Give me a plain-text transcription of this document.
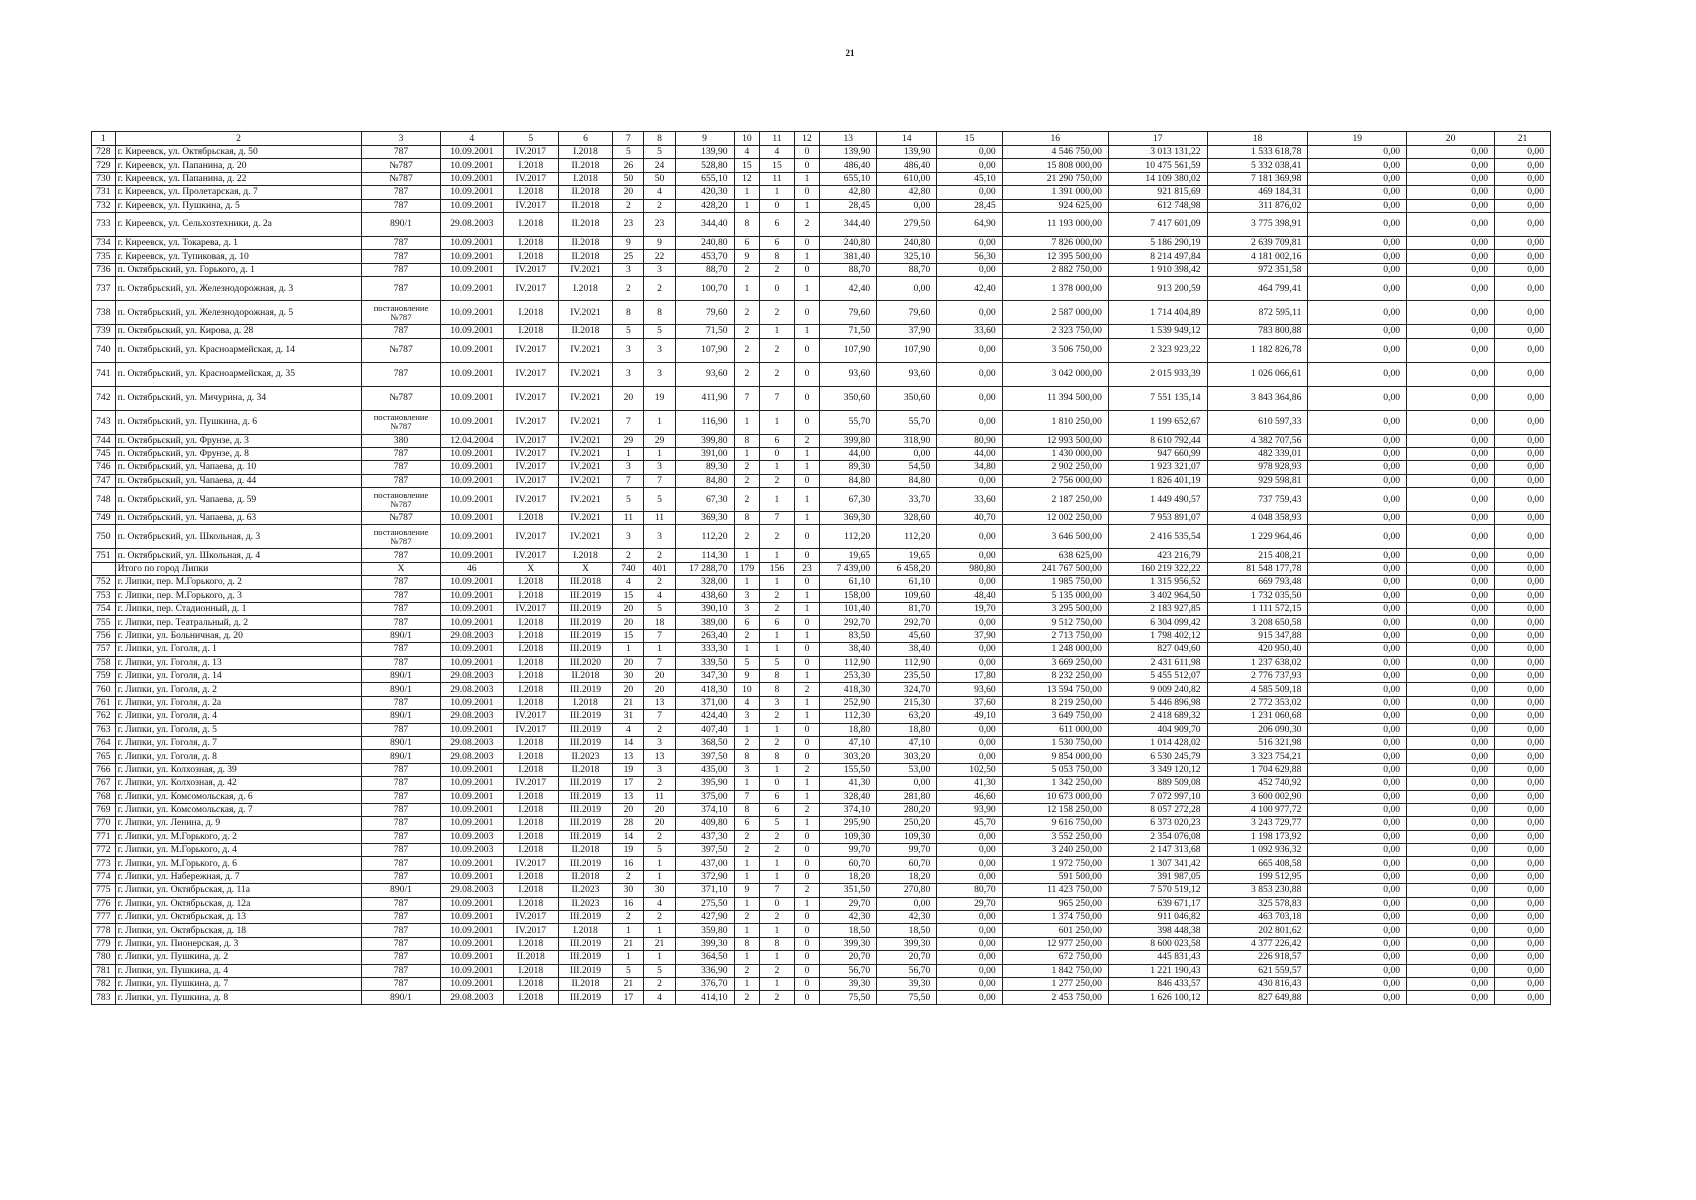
21
1	2	3	4	5	6	7	8	9	10	11	12	13	14	15	16	17	18	19	20	21
728	г. Киреевск, ул. Октябрьская, д. 50	787	10.09.2001	IV.2017	I.2018	5	5	139,90	4	4	0	139,90	139,90	0,00	4 546 750,00	3 013 131,22	1 533 618,78	0,00	0,00	0,00
729	г. Киреевск, ул. Папанина, д. 20	№787	10.09.2001	I.2018	II.2018	26	24	528,80	15	15	0	486,40	486,40	0,00	15 808 000,00	10 475 561,59	5 332 038,41	0,00	0,00	0,00
730	г. Киреевск, ул. Папанина, д. 22	№787	10.09.2001	IV.2017	I.2018	50	50	655,10	12	11	1	655,10	610,00	45,10	21 290 750,00	14 109 380,02	7 181 369,98	0,00	0,00	0,00
731	г. Киреевск, ул. Пролетарская, д. 7	787	10.09.2001	I.2018	II.2018	20	4	420,30	1	1	0	42,80	42,80	0,00	1 391 000,00	921 815,69	469 184,31	0,00	0,00	0,00
732	г. Киреевск, ул. Пушкина, д. 5	787	10.09.2001	IV.2017	II.2018	2	2	428,20	1	0	1	28,45	0,00	28,45	924 625,00	612 748,98	311 876,02	0,00	0,00	0,00
733	г. Киреевск, ул. Сельхозтехники, д. 2а	890/1	29.08.2003	I.2018	II.2018	23	23	344,40	8	6	2	344,40	279,50	64,90	11 193 000,00	7 417 601,09	3 775 398,91	0,00	0,00	0,00
734	г. Киреевск, ул. Токарева, д. 1	787	10.09.2001	I.2018	II.2018	9	9	240,80	6	6	0	240,80	240,80	0,00	7 826 000,00	5 186 290,19	2 639 709,81	0,00	0,00	0,00
735	г. Киреевск, ул. Тупиковая, д. 10	787	10.09.2001	I.2018	II.2018	25	22	453,70	9	8	1	381,40	325,10	56,30	12 395 500,00	8 214 497,84	4 181 002,16	0,00	0,00	0,00
736	п. Октябрьский, ул. Горького, д. 1	787	10.09.2001	IV.2017	IV.2021	3	3	88,70	2	2	0	88,70	88,70	0,00	2 882 750,00	1 910 398,42	972 351,58	0,00	0,00	0,00
737	п. Октябрьский, ул. Железнодорожная, д. 3	787	10.09.2001	IV.2017	I.2018	2	2	100,70	1	0	1	42,40	0,00	42,40	1 378 000,00	913 200,59	464 799,41	0,00	0,00	0,00
738	п. Октябрьский, ул. Железнодорожная, д. 5	постановление №787	10.09.2001	I.2018	IV.2021	8	8	79,60	2	2	0	79,60	79,60	0,00	2 587 000,00	1 714 404,89	872 595,11	0,00	0,00	0,00
739	п. Октябрьский, ул. Кирова, д. 28	787	10.09.2001	I.2018	II.2018	5	5	71,50	2	1	1	71,50	37,90	33,60	2 323 750,00	1 539 949,12	783 800,88	0,00	0,00	0,00
740	п. Октябрьский, ул. Красноармейская, д. 14	№787	10.09.2001	IV.2017	IV.2021	3	3	107,90	2	2	0	107,90	107,90	0,00	3 506 750,00	2 323 923,22	1 182 826,78	0,00	0,00	0,00
741	п. Октябрьский, ул. Красноармейская, д. 35	787	10.09.2001	IV.2017	IV.2021	3	3	93,60	2	2	0	93,60	93,60	0,00	3 042 000,00	2 015 933,39	1 026 066,61	0,00	0,00	0,00
742	п. Октябрьский, ул. Мичурина, д. 34	№787	10.09.2001	IV.2017	IV.2021	20	19	411,90	7	7	0	350,60	350,60	0,00	11 394 500,00	7 551 135,14	3 843 364,86	0,00	0,00	0,00
743	п. Октябрьский, ул. Пушкина, д. 6	постановление №787	10.09.2001	IV.2017	IV.2021	7	1	116,90	1	1	0	55,70	55,70	0,00	1 810 250,00	1 199 652,67	610 597,33	0,00	0,00	0,00
744	п. Октябрьский, ул. Фрунзе, д. 3	380	12.04.2004	IV.2017	IV.2021	29	29	399,80	8	6	2	399,80	318,90	80,90	12 993 500,00	8 610 792,44	4 382 707,56	0,00	0,00	0,00
745	п. Октябрьский, ул. Фрунзе, д. 8	787	10.09.2001	IV.2017	IV.2021	1	1	391,00	1	0	1	44,00	0,00	44,00	1 430 000,00	947 660,99	482 339,01	0,00	0,00	0,00
746	п. Октябрьский, ул. Чапаева, д. 10	787	10.09.2001	IV.2017	IV.2021	3	3	89,30	2	1	1	89,30	54,50	34,80	2 902 250,00	1 923 321,07	978 928,93	0,00	0,00	0,00
747	п. Октябрьский, ул. Чапаева, д. 44	787	10.09.2001	IV.2017	IV.2021	7	7	84,80	2	2	0	84,80	84,80	0,00	2 756 000,00	1 826 401,19	929 598,81	0,00	0,00	0,00
748	п. Октябрьский, ул. Чапаева, д. 59	постановление №787	10.09.2001	IV.2017	IV.2021	5	5	67,30	2	1	1	67,30	33,70	33,60	2 187 250,00	1 449 490,57	737 759,43	0,00	0,00	0,00
749	п. Октябрьский, ул. Чапаева, д. 63	№787	10.09.2001	I.2018	IV.2021	11	11	369,30	8	7	1	369,30	328,60	40,70	12 002 250,00	7 953 891,07	4 048 358,93	0,00	0,00	0,00
750	п. Октябрьский, ул. Школьная, д. 3	постановление №787	10.09.2001	IV.2017	IV.2021	3	3	112,20	2	2	0	112,20	112,20	0,00	3 646 500,00	2 416 535,54	1 229 964,46	0,00	0,00	0,00
751	п. Октябрьский, ул. Школьная, д. 4	787	10.09.2001	IV.2017	I.2018	2	2	114,30	1	1	0	19,65	19,65	0,00	638 625,00	423 216,79	215 408,21	0,00	0,00	0,00
	Итого по город Липки	X	46	X	X	740	401	17 288,70	179	156	23	7 439,00	6 458,20	980,80	241 767 500,00	160 219 322,22	81 548 177,78	0,00	0,00	0,00
752	г. Липки, пер. М.Горького, д. 2	787	10.09.2001	I.2018	III.2018	4	2	328,00	1	1	0	61,10	61,10	0,00	1 985 750,00	1 315 956,52	669 793,48	0,00	0,00	0,00
753	г. Липки, пер. М.Горького, д. 3	787	10.09.2001	I.2018	III.2019	15	4	438,60	3	2	1	158,00	109,60	48,40	5 135 000,00	3 402 964,50	1 732 035,50	0,00	0,00	0,00
754	г. Липки, пер. Стадионный, д. 1	787	10.09.2001	IV.2017	III.2019	20	5	390,10	3	2	1	101,40	81,70	19,70	3 295 500,00	2 183 927,85	1 111 572,15	0,00	0,00	0,00
755	г. Липки, пер. Театральный, д. 2	787	10.09.2001	I.2018	III.2019	20	18	389,00	6	6	0	292,70	292,70	0,00	9 512 750,00	6 304 099,42	3 208 650,58	0,00	0,00	0,00
756	г. Липки, ул. Больничная, д. 20	890/1	29.08.2003	I.2018	III.2019	15	7	263,40	2	1	1	83,50	45,60	37,90	2 713 750,00	1 798 402,12	915 347,88	0,00	0,00	0,00
757	г. Липки, ул. Гоголя, д. 1	787	10.09.2001	I.2018	III.2019	1	1	333,30	1	1	0	38,40	38,40	0,00	1 248 000,00	827 049,60	420 950,40	0,00	0,00	0,00
758	г. Липки, ул. Гоголя, д. 13	787	10.09.2001	I.2018	III.2020	20	7	339,50	5	5	0	112,90	112,90	0,00	3 669 250,00	2 431 611,98	1 237 638,02	0,00	0,00	0,00
759	г. Липки, ул. Гоголя, д. 14	890/1	29.08.2003	I.2018	II.2018	30	20	347,30	9	8	1	253,30	235,50	17,80	8 232 250,00	5 455 512,07	2 776 737,93	0,00	0,00	0,00
760	г. Липки, ул. Гоголя, д. 2	890/1	29.08.2003	I.2018	III.2019	20	20	418,30	10	8	2	418,30	324,70	93,60	13 594 750,00	9 009 240,82	4 585 509,18	0,00	0,00	0,00
761	г. Липки, ул. Гоголя, д. 2а	787	10.09.2001	I.2018	I.2018	21	13	371,00	4	3	1	252,90	215,30	37,60	8 219 250,00	5 446 896,98	2 772 353,02	0,00	0,00	0,00
762	г. Липки, ул. Гоголя, д. 4	890/1	29.08.2003	IV.2017	III.2019	31	7	424,40	3	2	1	112,30	63,20	49,10	3 649 750,00	2 418 689,32	1 231 060,68	0,00	0,00	0,00
763	г. Липки, ул. Гоголя, д. 5	787	10.09.2001	IV.2017	III.2019	4	2	407,40	1	1	0	18,80	18,80	0,00	611 000,00	404 909,70	206 090,30	0,00	0,00	0,00
764	г. Липки, ул. Гоголя, д. 7	890/1	29.08.2003	I.2018	III.2019	14	3	368,50	2	2	0	47,10	47,10	0,00	1 530 750,00	1 014 428,02	516 321,98	0,00	0,00	0,00
765	г. Липки, ул. Гоголя, д. 8	890/1	29.08.2003	I.2018	II.2023	13	13	397,50	8	8	0	303,20	303,20	0,00	9 854 000,00	6 530 245,79	3 323 754,21	0,00	0,00	0,00
766	г. Липки, ул. Колхозная, д. 39	787	10.09.2001	I.2018	II.2018	19	3	435,00	3	1	2	155,50	53,00	102,50	5 053 750,00	3 349 120,12	1 704 629,88	0,00	0,00	0,00
767	г. Липки, ул. Колхозная, д. 42	787	10.09.2001	IV.2017	III.2019	17	2	395,90	1	0	1	41,30	0,00	41,30	1 342 250,00	889 509,08	452 740,92	0,00	0,00	0,00
768	г. Липки, ул. Комсомольская, д. 6	787	10.09.2001	I.2018	III.2019	13	11	375,00	7	6	1	328,40	281,80	46,60	10 673 000,00	7 072 997,10	3 600 002,90	0,00	0,00	0,00
769	г. Липки, ул. Комсомольская, д. 7	787	10.09.2001	I.2018	III.2019	20	20	374,10	8	6	2	374,10	280,20	93,90	12 158 250,00	8 057 272,28	4 100 977,72	0,00	0,00	0,00
770	г. Липки, ул. Ленина, д. 9	787	10.09.2001	I.2018	III.2019	28	20	409,80	6	5	1	295,90	250,20	45,70	9 616 750,00	6 373 020,23	3 243 729,77	0,00	0,00	0,00
771	г. Липки, ул. М.Горького, д. 2	787	10.09.2003	I.2018	III.2019	14	2	437,30	2	2	0	109,30	109,30	0,00	3 552 250,00	2 354 076,08	1 198 173,92	0,00	0,00	0,00
772	г. Липки, ул. М.Горького, д. 4	787	10.09.2003	I.2018	II.2018	19	5	397,50	2	2	0	99,70	99,70	0,00	3 240 250,00	2 147 313,68	1 092 936,32	0,00	0,00	0,00
773	г. Липки, ул. М.Горького, д. 6	787	10.09.2001	IV.2017	III.2019	16	1	437,00	1	1	0	60,70	60,70	0,00	1 972 750,00	1 307 341,42	665 408,58	0,00	0,00	0,00
774	г. Липки, ул. Набережная, д. 7	787	10.09.2001	I.2018	II.2018	2	1	372,90	1	1	0	18,20	18,20	0,00	591 500,00	391 987,05	199 512,95	0,00	0,00	0,00
775	г. Липки, ул. Октябрьская, д. 11а	890/1	29.08.2003	I.2018	II.2023	30	30	371,10	9	7	2	351,50	270,80	80,70	11 423 750,00	7 570 519,12	3 853 230,88	0,00	0,00	0,00
776	г. Липки, ул. Октябрьская, д. 12а	787	10.09.2001	I.2018	II.2023	16	4	275,50	1	0	1	29,70	0,00	29,70	965 250,00	639 671,17	325 578,83	0,00	0,00	0,00
777	г. Липки, ул. Октябрьская, д. 13	787	10.09.2001	IV.2017	III.2019	2	2	427,90	2	2	0	42,30	42,30	0,00	1 374 750,00	911 046,82	463 703,18	0,00	0,00	0,00
778	г. Липки, ул. Октябрьская, д. 18	787	10.09.2001	IV.2017	I.2018	1	1	359,80	1	1	0	18,50	18,50	0,00	601 250,00	398 448,38	202 801,62	0,00	0,00	0,00
779	г. Липки, ул. Пионерская, д. 3	787	10.09.2001	I.2018	III.2019	21	21	399,30	8	8	0	399,30	399,30	0,00	12 977 250,00	8 600 023,58	4 377 226,42	0,00	0,00	0,00
780	г. Липки, ул. Пушкина, д. 2	787	10.09.2001	II.2018	III.2019	1	1	364,50	1	1	0	20,70	20,70	0,00	672 750,00	445 831,43	226 918,57	0,00	0,00	0,00
781	г. Липки, ул. Пушкина, д. 4	787	10.09.2001	I.2018	III.2019	5	5	336,90	2	2	0	56,70	56,70	0,00	1 842 750,00	1 221 190,43	621 559,57	0,00	0,00	0,00
782	г. Липки, ул. Пушкина, д. 7	787	10.09.2001	I.2018	II.2018	21	2	376,70	1	1	0	39,30	39,30	0,00	1 277 250,00	846 433,57	430 816,43	0,00	0,00	0,00
783	г. Липки, ул. Пушкина, д. 8	890/1	29.08.2003	I.2018	III.2019	17	4	414,10	2	2	0	75,50	75,50	0,00	2 453 750,00	1 626 100,12	827 649,88	0,00	0,00	0,00
